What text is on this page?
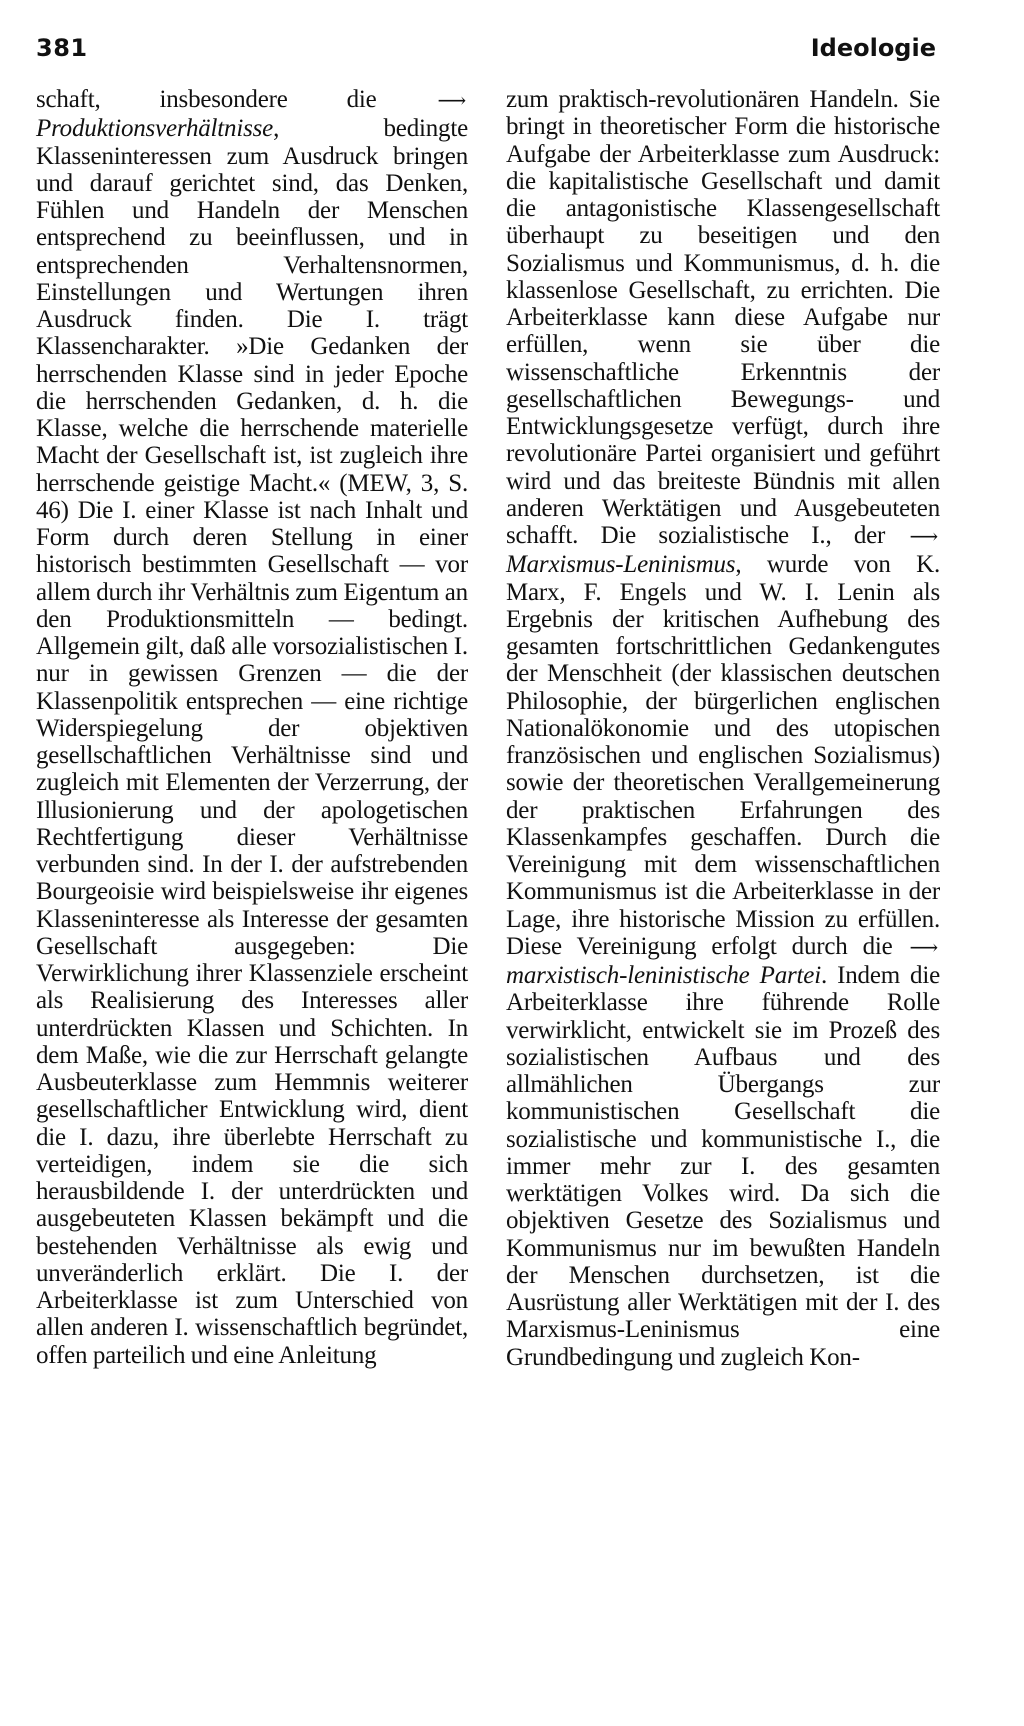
381	Ideologie

schaft, insbesondere die ⟶Produktionsverhältnisse, bedingte Klasseninteressen zum Ausdruck bringen und darauf gerichtet sind, das Denken, Fühlen und Handeln der Menschen entsprechend zu beeinflussen, und in entsprechenden Verhaltensnormen, Einstellungen und Wertungen ihren Ausdruck finden. Die I. trägt Klassencharakter. »Die Gedanken der herrschenden Klasse sind in jeder Epoche die herrschenden Gedanken, d. h. die Klasse, welche die herrschende materielle Macht der Gesellschaft ist, ist zugleich ihre herrschende geistige Macht.« (MEW, 3, S. 46) Die I. einer Klasse ist nach Inhalt und Form durch deren Stellung in einer historisch bestimmten Gesellschaft — vor allem durch ihr Verhältnis zum Eigentum an den Produktionsmitteln — bedingt. Allgemein gilt, daß alle vorsozialistischen I. nur in gewissen Grenzen — die der Klassenpolitik entsprechen — eine richtige Widerspiegelung der objektiven gesellschaftlichen Verhältnisse sind und zugleich mit Elementen der Verzerrung, der Illusionierung und der apologetischen Rechtfertigung dieser Verhältnisse verbunden sind. In der I. der aufstrebenden Bourgeoisie wird beispielsweise ihr eigenes Klasseninteresse als Interesse der gesamten Gesellschaft ausgegeben: Die Verwirklichung ihrer Klassenziele erscheint als Realisierung des Interesses aller unterdrückten Klassen und Schichten. In dem Maße, wie die zur Herrschaft gelangte Ausbeuterklasse zum Hemmnis weiterer gesellschaftlicher Entwicklung wird, dient die I. dazu, ihre überlebte Herrschaft zu verteidigen, indem sie die sich herausbildende I. der unterdrückten und ausgebeuteten Klassen bekämpft und die bestehenden Verhältnisse als ewig und unveränderlich erklärt. Die I. der Arbeiterklasse ist zum Unterschied von allen anderen I. wissenschaftlich begründet, offen parteilich und eine Anleitung

zum praktisch-revolutionären Handeln. Sie bringt in theoretischer Form die historische Aufgabe der Arbeiterklasse zum Ausdruck: die kapitalistische Gesellschaft und damit die antagonistische Klassengesellschaft überhaupt zu beseitigen und den Sozialismus und Kommunismus, d. h. die klassenlose Gesellschaft, zu errichten. Die Arbeiterklasse kann diese Aufgabe nur erfüllen, wenn sie über die wissenschaftliche Erkenntnis der gesellschaftlichen Bewegungs- und Entwicklungsgesetze verfügt, durch ihre revolutionäre Partei organisiert und geführt wird und das breiteste Bündnis mit allen anderen Werktätigen und Ausgebeuteten schafft. Die sozialistische I., der ⟶Marxismus-Leninismus, wurde von K. Marx, F. Engels und W. I. Lenin als Ergebnis der kritischen Aufhebung des gesamten fortschrittlichen Gedankengutes der Menschheit (der klassischen deutschen Philosophie, der bürgerlichen englischen Nationalökonomie und des utopischen französischen und englischen Sozialismus) sowie der theoretischen Verallgemeinerung der praktischen Erfahrungen des Klassenkampfes geschaffen. Durch die Vereinigung mit dem wissenschaftlichen Kommunismus ist die Arbeiterklasse in der Lage, ihre historische Mission zu erfüllen. Diese Vereinigung erfolgt durch die ⟶marxistisch-leninistische Partei. Indem die Arbeiterklasse ihre führende Rolle verwirklicht, entwickelt sie im Prozeß des sozialistischen Aufbaus und des allmählichen Übergangs zur kommunistischen Gesellschaft die sozialistische und kommunistische I., die immer mehr zur I. des gesamten werktätigen Volkes wird. Da sich die objektiven Gesetze des Sozialismus und Kommunismus nur im bewußten Handeln der Menschen durchsetzen, ist die Ausrüstung aller Werktätigen mit der I. des Marxismus-Leninismus eine Grundbedingung und zugleich Kon-
